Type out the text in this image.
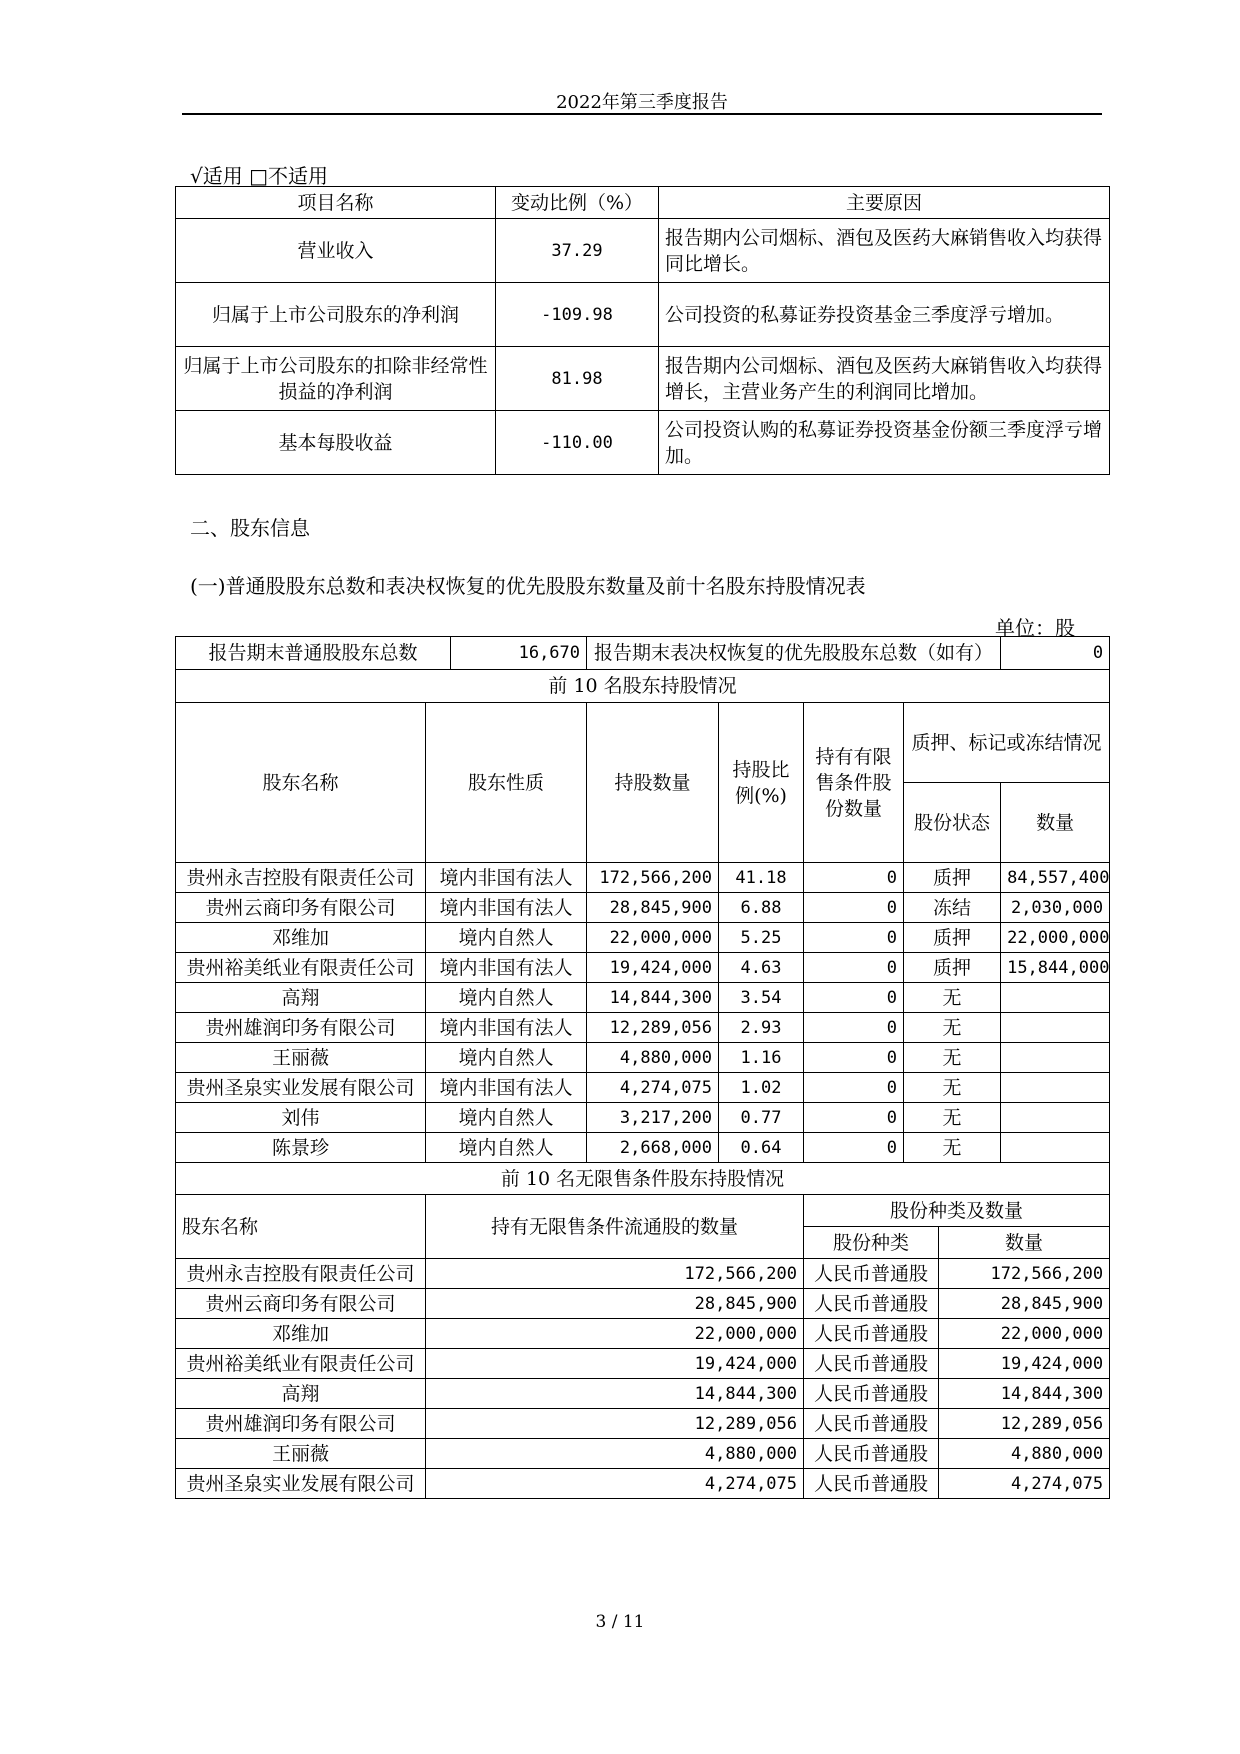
2022年第三季度报告
√适用 □不适用
项目名称	变动比例（%）	主要原因
营业收入	37.29	报告期内公司烟标、酒包及医药大麻销售收入均获得同比增长。
归属于上市公司股东的净利润	-109.98	公司投资的私募证券投资基金三季度浮亏增加。
归属于上市公司股东的扣除非经常性损益的净利润	81.98	报告期内公司烟标、酒包及医药大麻销售收入均获得增长，主营业务产生的利润同比增加。
基本每股收益	-110.00	公司投资认购的私募证券投资基金份额三季度浮亏增加。
二、股东信息
(一)普通股股东总数和表决权恢复的优先股股东数量及前十名股东持股情况表
单位：股
报告期末普通股股东总数		16,670	报告期末表决权恢复的优先股股东总数（如有）					0
前 10 名股东持股情况								
股东名称	股东性质		持股数量	持股比例(%)	持有有限售条件股份数量	质押、标记或冻结情况		
						股份状态		数量
贵州永吉控股有限责任公司	境内非国有法人		172,566,200	41.18	0	质押		84,557,400
贵州云商印务有限公司	境内非国有法人		28,845,900	6.88	0	冻结		2,030,000
邓维加	境内自然人		22,000,000	5.25	0	质押		22,000,000
贵州裕美纸业有限责任公司	境内非国有法人		19,424,000	4.63	0	质押		15,844,000
高翔	境内自然人		14,844,300	3.54	0	无		
贵州雄润印务有限公司	境内非国有法人		12,289,056	2.93	0	无		
王丽薇	境内自然人		4,880,000	1.16	0	无		
贵州圣泉实业发展有限公司	境内非国有法人		4,274,075	1.02	0	无		
刘伟	境内自然人		3,217,200	0.77	0	无		
陈景珍	境内自然人		2,668,000	0.64	0	无		
前 10 名无限售条件股东持股情况								
股东名称	持有无限售条件流通股的数量				股份种类及数量			
					股份种类		数量	
贵州永吉控股有限责任公司	172,566,200				人民币普通股		172,566,200	
贵州云商印务有限公司	28,845,900				人民币普通股		28,845,900	
邓维加	22,000,000				人民币普通股		22,000,000	
贵州裕美纸业有限责任公司	19,424,000				人民币普通股		19,424,000	
高翔	14,844,300				人民币普通股		14,844,300	
贵州雄润印务有限公司	12,289,056				人民币普通股		12,289,056	
王丽薇	4,880,000				人民币普通股		4,880,000	
贵州圣泉实业发展有限公司	4,274,075				人民币普通股		4,274,075	
3 / 11
